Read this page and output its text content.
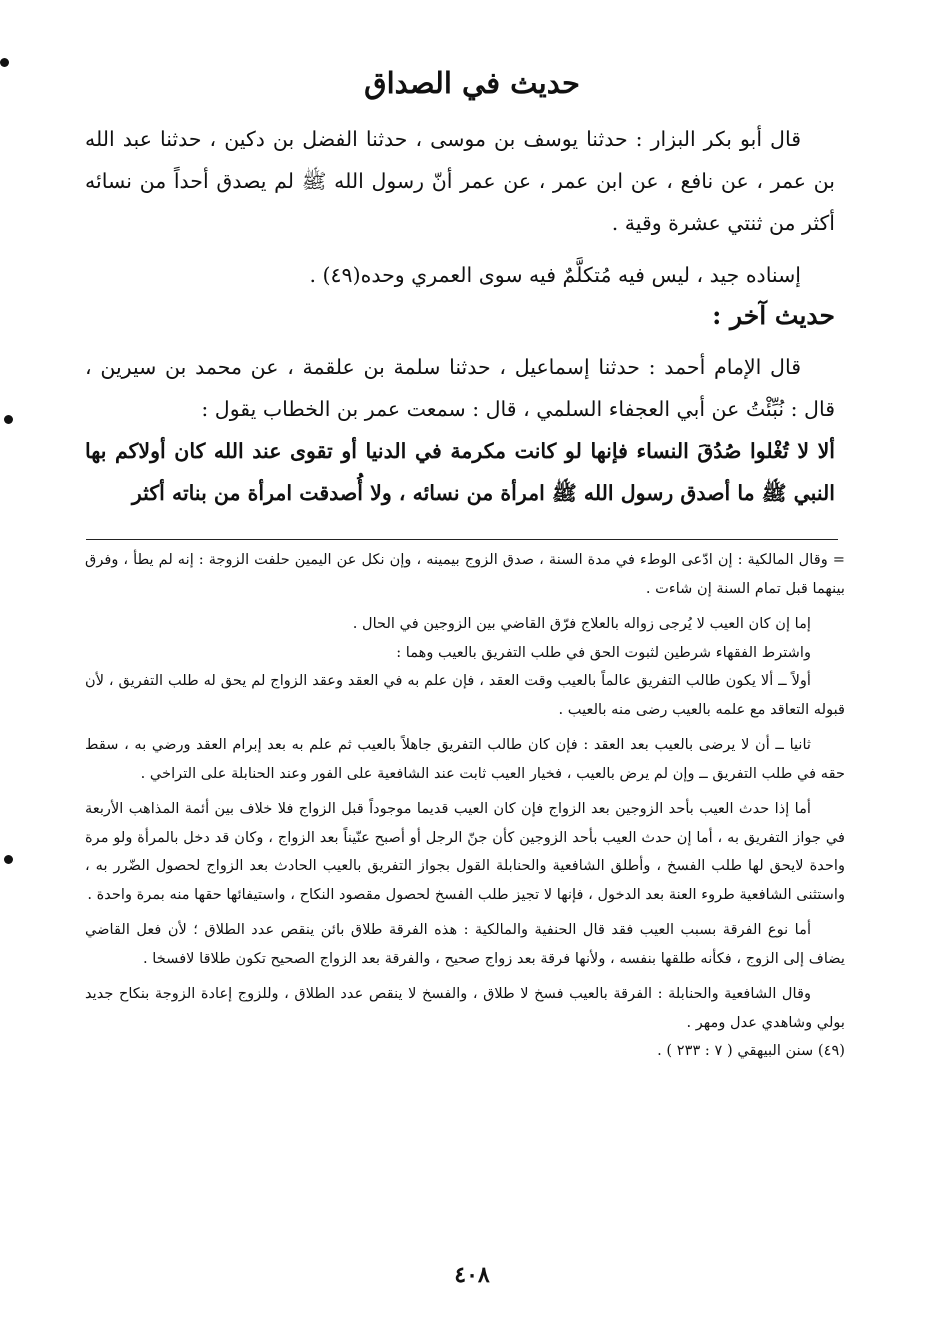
حديث في الصداق

قال أبو بكر البزار : حدثنا يوسف بن موسى ، حدثنا الفضل بن دكين ، حدثنا عبد الله بن عمر ، عن نافع ، عن ابن عمر ، عن عمر أنّ رسول الله ﷺ لم يصدق أحداً من نسائه أكثر من ثنتي عشرة وقية .

إسناده جيد ، ليس فيه مُتكلَّمٌ فيه سوى العمري وحده(٤٩) .

حديث آخر :

قال الإمام أحمد : حدثنا إسماعيل ، حدثنا سلمة بن علقمة ، عن محمد بن سيرين ، قال : نُبِّئْتُ عن أبي العجفاء السلمي ، قال : سمعت عمر بن الخطاب يقول :

ألا لا تُغْلوا صُدُقَ النساء فإنها لو كانت مكرمة في الدنيا أو تقوى عند الله كان أولاكم بها النبي ﷺ ما أصدق رسول الله ﷺ امرأة من نسائه ، ولا أُصدقت امرأة من بناته أكثر

= وقال المالكية : إن ادّعى الوطء في مدة السنة ، صدق الزوج بيمينه ، وإن نكل عن اليمين حلفت الزوجة : إنه لم يطأ ، وفرق بينهما قبل تمام السنة إن شاءت .

إما إن كان العيب لا يُرجى زواله بالعلاج فرّق القاضي بين الزوجين في الحال .

واشترط الفقهاء شرطين لثبوت الحق في طلب التفريق بالعيب وهما :

أولاً ــ ألا يكون طالب التفريق عالماً بالعيب وقت العقد ، فإن علم به في العقد وعقد الزواج لم يحق له طلب التفريق ، لأن قبوله التعاقد مع علمه بالعيب رضى منه بالعيب .

ثانيا ــ أن لا يرضى بالعيب بعد العقد : فإن كان طالب التفريق جاهلاً بالعيب ثم علم به بعد إبرام العقد ورضي به ، سقط حقه في طلب التفريق ــ وإن لم يرض بالعيب ، فخيار العيب ثابت عند الشافعية على الفور وعند الحنابلة على التراخي .

أما إذا حدث العيب بأحد الزوجين بعد الزواج فإن كان العيب قديما موجوداً قبل الزواج فلا خلاف بين أئمة المذاهب الأربعة في جواز التفريق به ، أما إن حدث العيب بأحد الزوجين كأن جنّ الرجل أو أصبح عنّيناً بعد الزواج ، وكان قد دخل بالمرأة ولو مرة واحدة لايحق لها طلب الفسخ ، وأطلق الشافعية والحنابلة القول بجواز التفريق بالعيب الحادث بعد الزواج لحصول الضّرر به ، واستثنى الشافعية طروء العنة بعد الدخول ، فإنها لا تجيز طلب الفسخ لحصول مقصود النكاح ، واستيفائها حقها منه بمرة واحدة .

أما نوع الفرقة بسبب العيب فقد قال الحنفية والمالكية : هذه الفرقة طلاق بائن ينقص عدد الطلاق ؛ لأن فعل القاضي يضاف إلى الزوج ، فكأنه طلقها بنفسه ، ولأنها فرقة بعد زواج صحيح ، والفرقة بعد الزواج الصحيح تكون طلاقا لافسخا .

وقال الشافعية والحنابلة : الفرقة بالعيب فسخ لا طلاق ، والفسخ لا ينقص عدد الطلاق ، وللزوج إعادة الزوجة بنكاح جديد بولي وشاهدي عدل ومهر .

(٤٩) سنن البيهقي ( ٧ : ٢٣٣ ) .

٤٠٨
